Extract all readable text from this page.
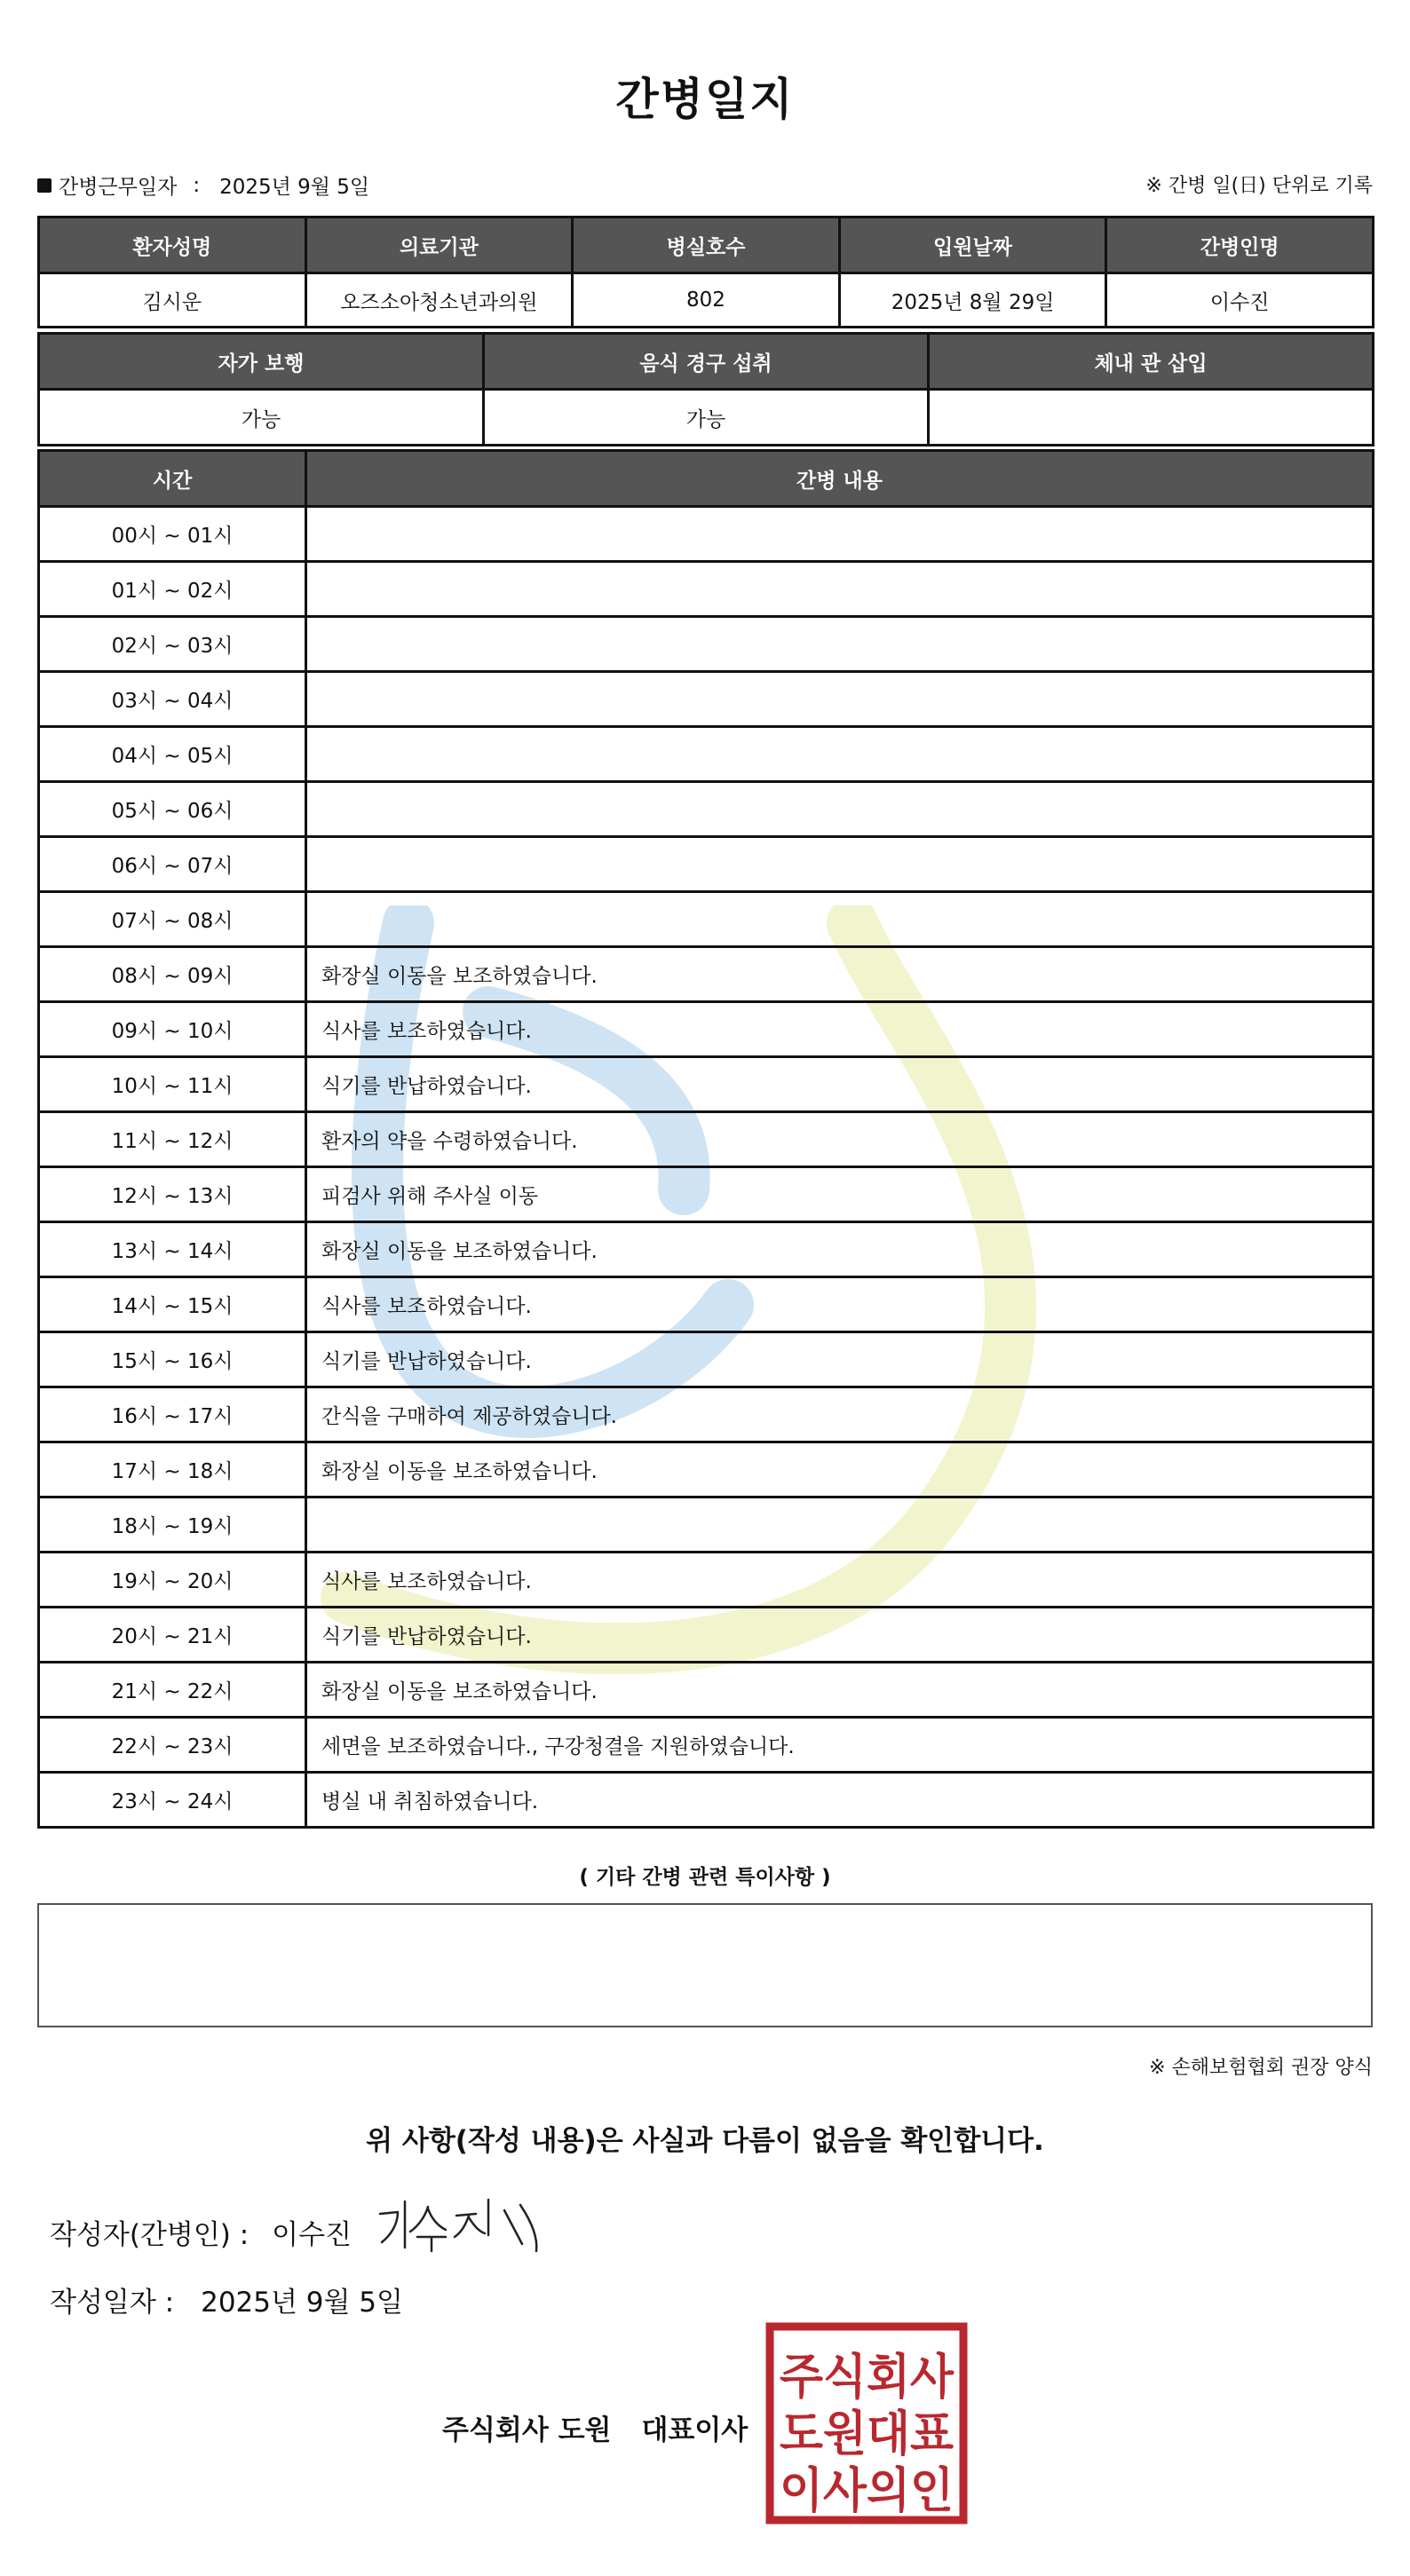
간병일지
간병근무일자 : 2025년 9월 5일	※ 간병 일(日) 단위로 기록
환자성명	의료기관	병실호수	입원날짜	간병인명
김시운	오즈소아청소년과의원	802	2025년 8월 29일	이수진
자가 보행	음식 경구 섭취	체내 관 삽입
가능	가능	
시간	간병 내용
00시 ~ 01시	
01시 ~ 02시	
02시 ~ 03시	
03시 ~ 04시	
04시 ~ 05시	
05시 ~ 06시	
06시 ~ 07시	
07시 ~ 08시	
08시 ~ 09시	화장실 이동을 보조하였습니다.
09시 ~ 10시	식사를 보조하였습니다.
10시 ~ 11시	식기를 반납하였습니다.
11시 ~ 12시	환자의 약을 수령하였습니다.
12시 ~ 13시	피검사 위해 주사실 이동
13시 ~ 14시	화장실 이동을 보조하였습니다.
14시 ~ 15시	식사를 보조하였습니다.
15시 ~ 16시	식기를 반납하였습니다.
16시 ~ 17시	간식을 구매하여 제공하였습니다.
17시 ~ 18시	화장실 이동을 보조하였습니다.
18시 ~ 19시	
19시 ~ 20시	식사를 보조하였습니다.
20시 ~ 21시	식기를 반납하였습니다.
21시 ~ 22시	화장실 이동을 보조하였습니다.
22시 ~ 23시	세면을 보조하였습니다., 구강청결을 지원하였습니다.
23시 ~ 24시	병실 내 취침하였습니다.
( 기타 간병 관련 특이사항 )
※ 손해보험협회 권장 양식
위 사항(작성 내용)은 사실과 다름이 없음을 확인합니다.
작성자(간병인) : 이수진
작성일자 : 2025년 9월 5일
주식회사 도원 대표이사
주식회사
도원대표
이사의인
